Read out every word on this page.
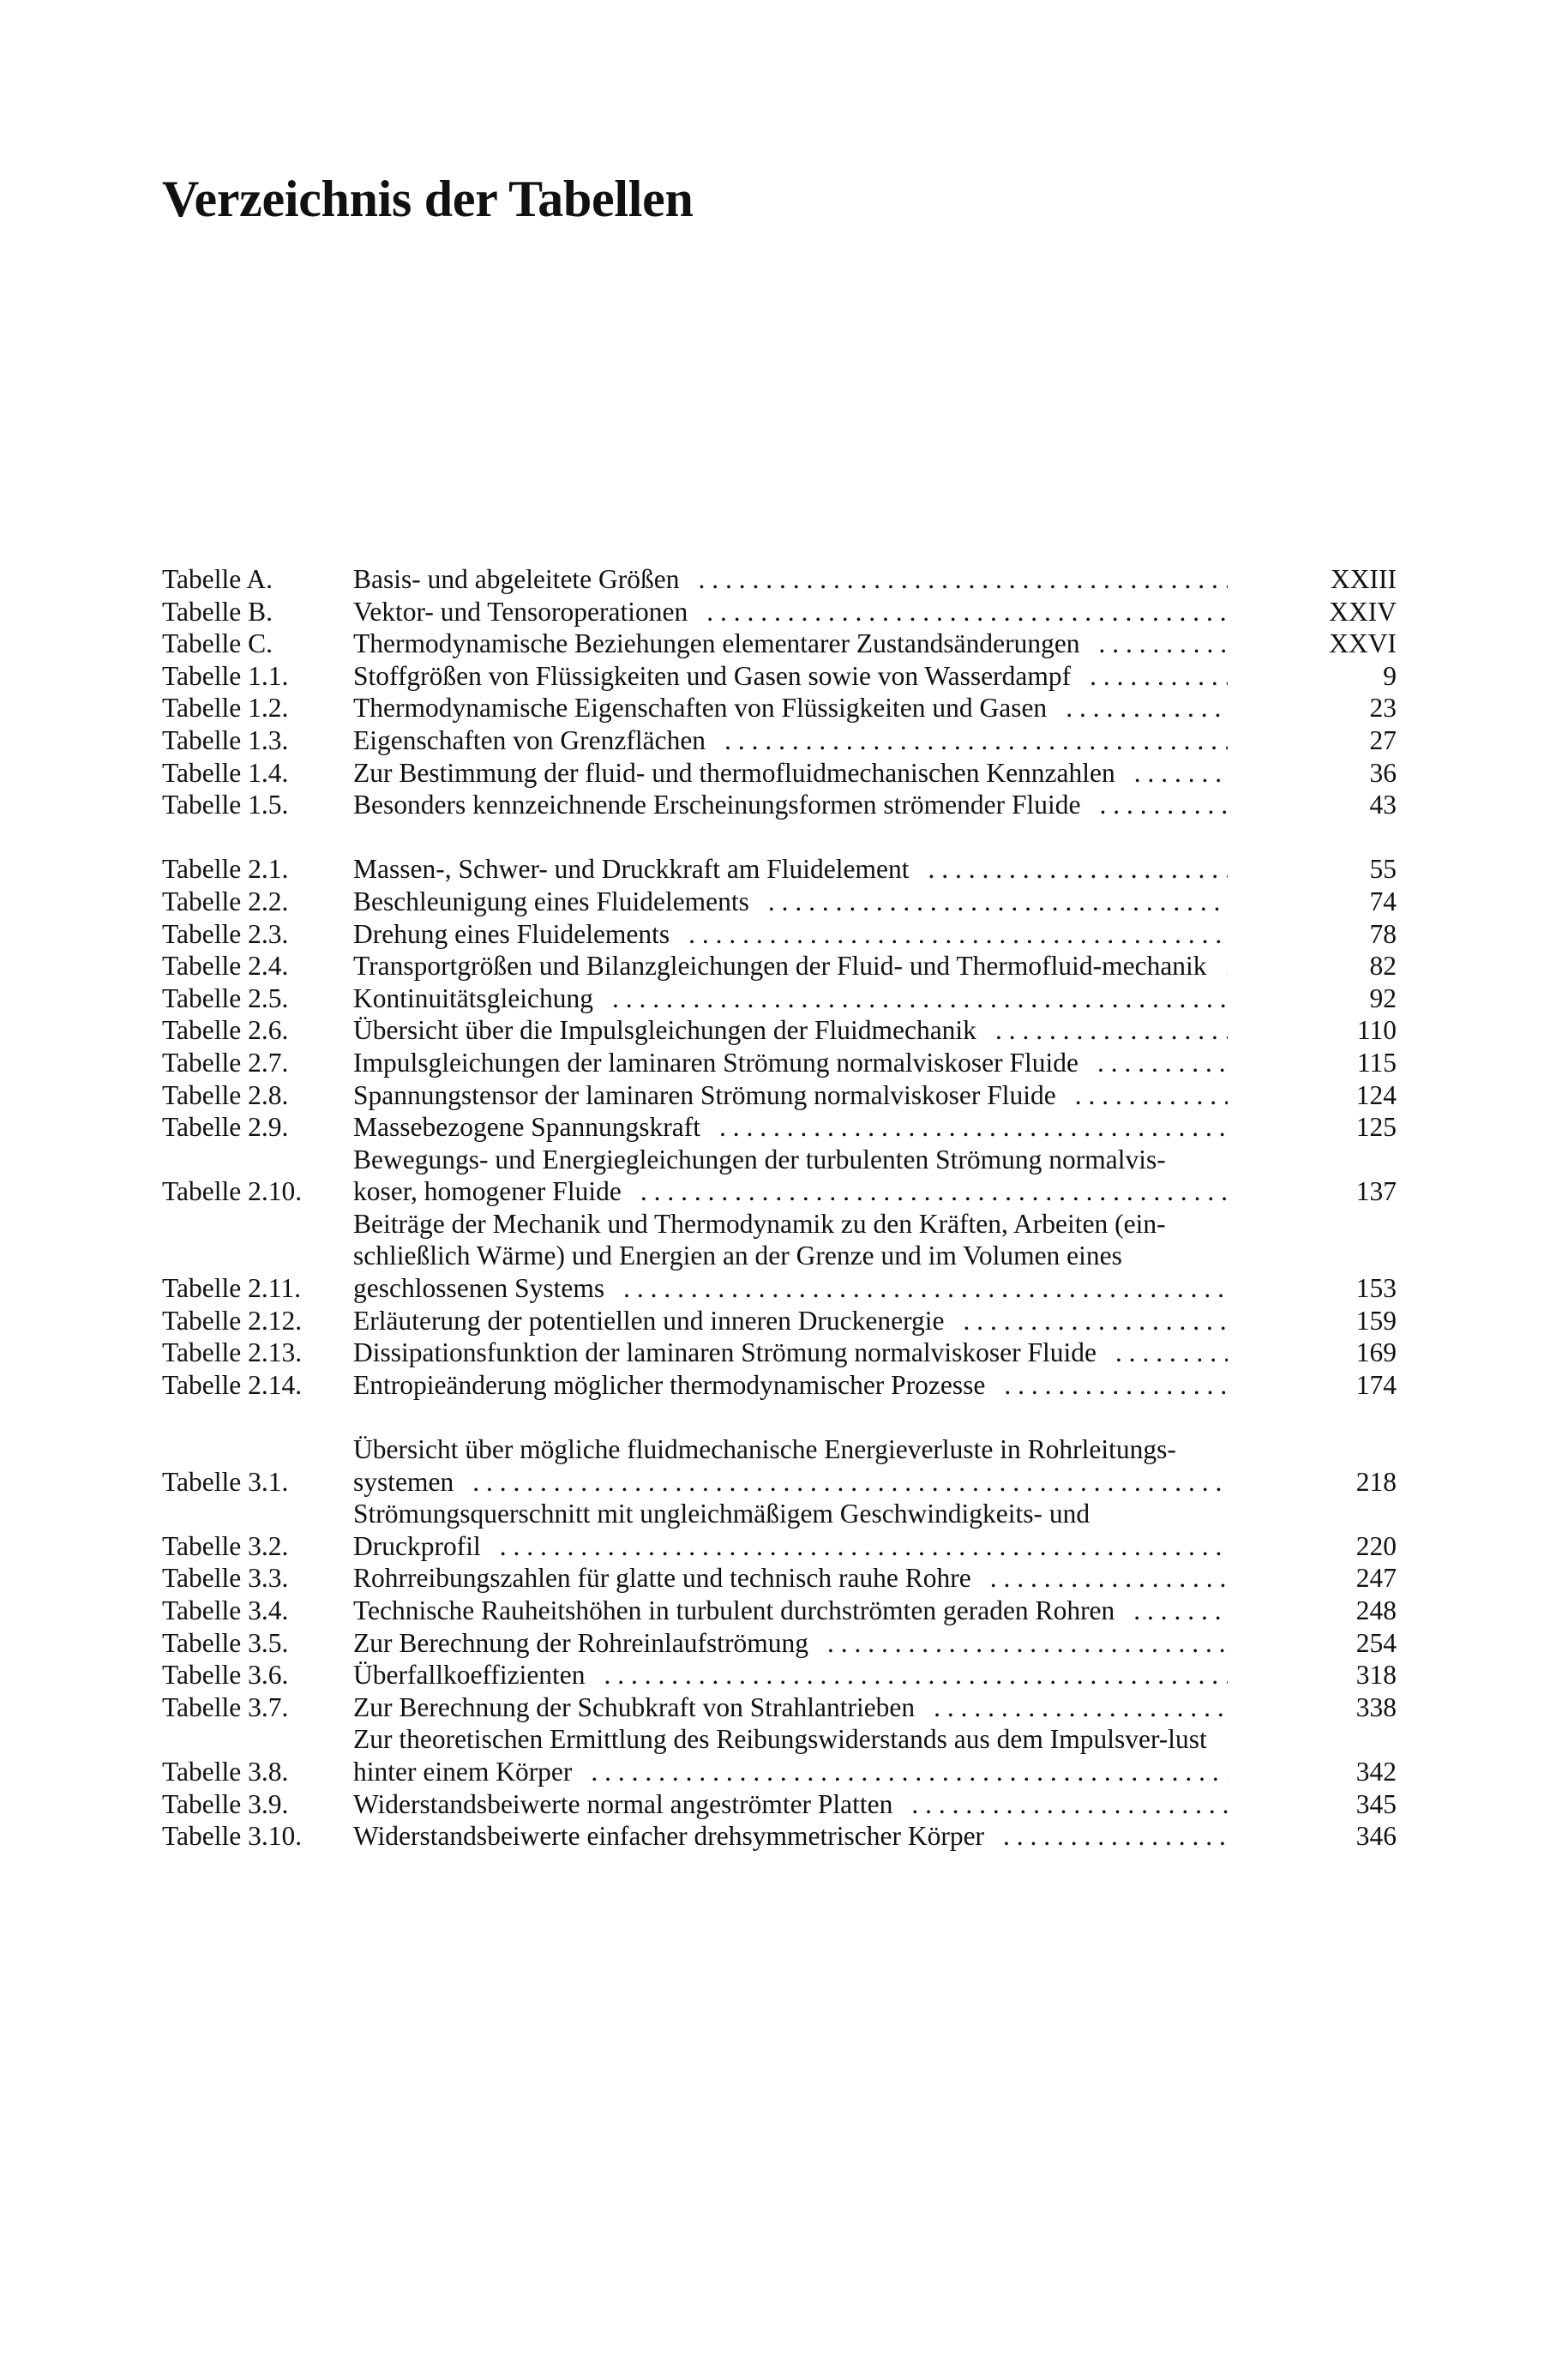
Verzeichnis der Tabellen
Tabelle A.	Basis- und abgeleitete Größen . . .	XXIII
Tabelle B.	Vektor- und Tensoroperationen . . .	XXIV
Tabelle C.	Thermodynamische Beziehungen elementarer Zustandsänderungen . . .	XXVI
Tabelle 1.1.	Stoffgrößen von Flüssigkeiten und Gasen sowie von Wasserdampf . . .	9
Tabelle 1.2.	Thermodynamische Eigenschaften von Flüssigkeiten und Gasen . . .	23
Tabelle 1.3.	Eigenschaften von Grenzflächen . . .	27
Tabelle 1.4.	Zur Bestimmung der fluid- und thermofluidmechanischen Kennzahlen . . .	36
Tabelle 1.5.	Besonders kennzeichnende Erscheinungsformen strömender Fluide . . .	43
Tabelle 2.1.	Massen-, Schwer- und Druckkraft am Fluidelement . . .	55
Tabelle 2.2.	Beschleunigung eines Fluidelements . . .	74
Tabelle 2.3.	Drehung eines Fluidelements . . .	78
Tabelle 2.4.	Transportgrößen und Bilanzgleichungen der Fluid- und Thermofluid-mechanik . . .	82
Tabelle 2.5.	Kontinuitätsgleichung . . .	92
Tabelle 2.6.	Übersicht über die Impulsgleichungen der Fluidmechanik . . .	110
Tabelle 2.7.	Impulsgleichungen der laminaren Strömung normalviskoser Fluide . . .	115
Tabelle 2.8.	Spannungstensor der laminaren Strömung normalviskoser Fluide . . .	124
Tabelle 2.9.	Massebezogene Spannungskraft . . .	125
Tabelle 2.10.
Bewegungs- und Energiegleichungen der turbulenten Strömung normalvis-koser, homogener Fluide . . .	137
Tabelle 2.11.
Beiträge der Mechanik und Thermodynamik zu den Kräften, Arbeiten (ein-schließlich Wärme) und Energien an der Grenze und im Volumen eines geschlossenen Systems . . .	153
Tabelle 2.12.	Erläuterung der potentiellen und inneren Druckenergie . . .	159
Tabelle 2.13.	Dissipationsfunktion der laminaren Strömung normalviskoser Fluide . . .	169
Tabelle 2.14.	Entropieänderung möglicher thermodynamischer Prozesse . . .	174
Tabelle 3.1.
Übersicht über mögliche fluidmechanische Energieverluste in Rohrleitungs-systemen . . .	218
Tabelle 3.2.
Strömungsquerschnitt mit ungleichmäßigem Geschwindigkeits- und Druckprofil . . .	220
Tabelle 3.3.	Rohrreibungszahlen für glatte und technisch rauhe Rohre . . .	247
Tabelle 3.4.	Technische Rauheitshöhen in turbulent durchströmten geraden Rohren . . .	248
Tabelle 3.5.	Zur Berechnung der Rohreinlaufströmung . . .	254
Tabelle 3.6.	Überfallkoeffizienten . . .	318
Tabelle 3.7.	Zur Berechnung der Schubkraft von Strahlantrieben . . .	338
Tabelle 3.8.
Zur theoretischen Ermittlung des Reibungswiderstands aus dem Impulsver-lust hinter einem Körper . . .	342
Tabelle 3.9.	Widerstandsbeiwerte normal angeströmter Platten . . .	345
Tabelle 3.10.	Widerstandsbeiwerte einfacher drehsymmetrischer Körper . . .	346
